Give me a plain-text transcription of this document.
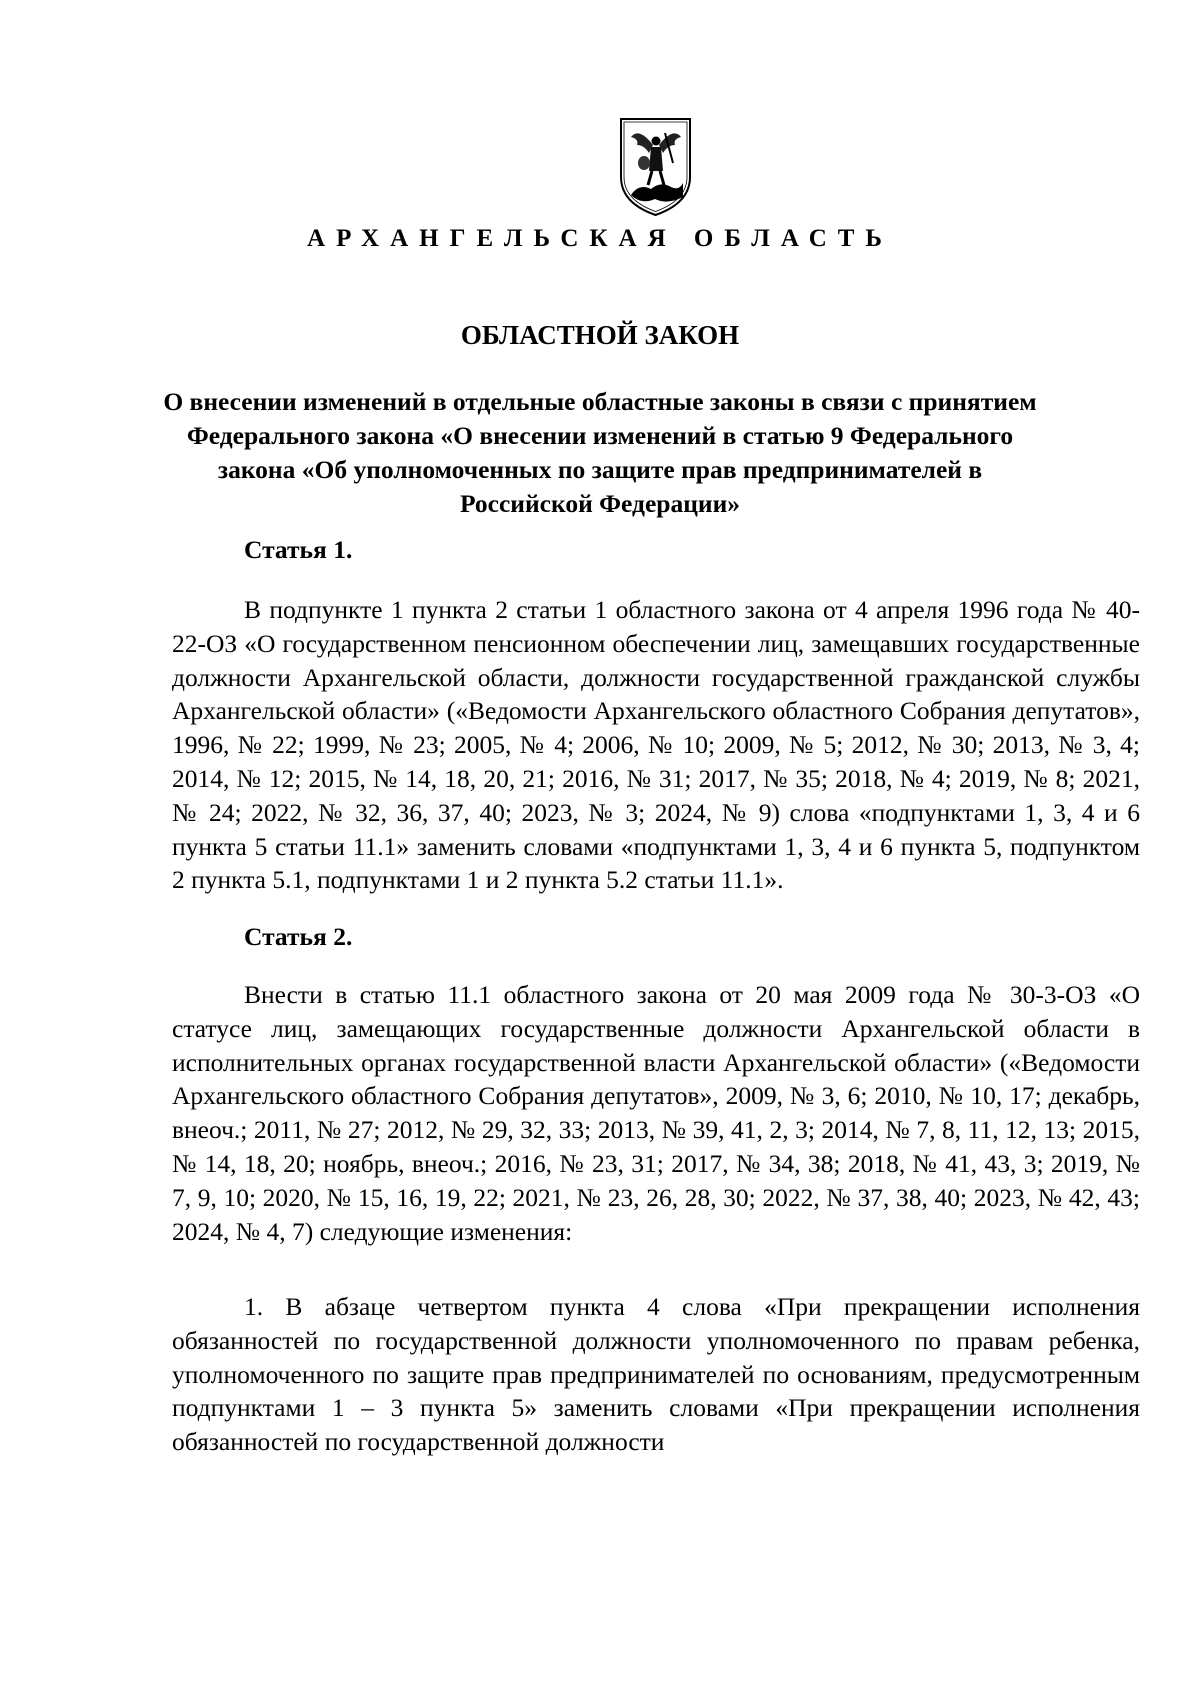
АРХАНГЕЛЬСКАЯ ОБЛАСТЬ
ОБЛАСТНОЙ ЗАКОН
О внесении изменений в отдельные областные законы в связи с принятием Федерального закона «О внесении изменений в статью 9 Федерального закона «Об уполномоченных по защите прав предпринимателей в Российской Федерации»
Статья 1.
В подпункте 1 пункта 2 статьи 1 областного закона от 4 апреля 1996 года № 40-22-ОЗ «О государственном пенсионном обеспечении лиц, замещавших государственные должности Архангельской области, должности государственной гражданской службы Архангельской области» («Ведомости Архангельского областного Собрания депутатов», 1996, № 22; 1999, № 23; 2005, № 4; 2006, № 10; 2009, № 5; 2012, № 30; 2013, № 3, 4; 2014, № 12; 2015, № 14, 18, 20, 21; 2016, № 31; 2017, № 35; 2018, № 4; 2019, № 8; 2021, № 24; 2022, № 32, 36, 37, 40; 2023, № 3; 2024, № 9) слова «подпунктами 1, 3, 4 и 6 пункта 5 статьи 11.1» заменить словами «подпунктами 1, 3, 4 и 6 пункта 5, подпунктом 2 пункта 5.1, подпунктами 1 и 2 пункта 5.2 статьи 11.1».
Статья 2.
Внести в статью 11.1 областного закона от 20 мая 2009 года № 30-3-ОЗ «О статусе лиц, замещающих государственные должности Архангельской области в исполнительных органах государственной власти Архангельской области» («Ведомости Архангельского областного Собрания депутатов», 2009, № 3, 6; 2010, № 10, 17; декабрь, внеоч.; 2011, № 27; 2012, № 29, 32, 33; 2013, № 39, 41, 2, 3; 2014, № 7, 8, 11, 12, 13; 2015, № 14, 18, 20; ноябрь, внеоч.; 2016, № 23, 31; 2017, № 34, 38; 2018, № 41, 43, 3; 2019, № 7, 9, 10; 2020, № 15, 16, 19, 22; 2021, № 23, 26, 28, 30; 2022, № 37, 38, 40; 2023, № 42, 43; 2024, № 4, 7) следующие изменения:
1. В абзаце четвертом пункта 4 слова «При прекращении исполнения обязанностей по государственной должности уполномоченного по правам ребенка, уполномоченного по защите прав предпринимателей по основаниям, предусмотренным подпунктами 1 – 3 пункта 5» заменить словами «При прекращении исполнения обязанностей по государственной должности
